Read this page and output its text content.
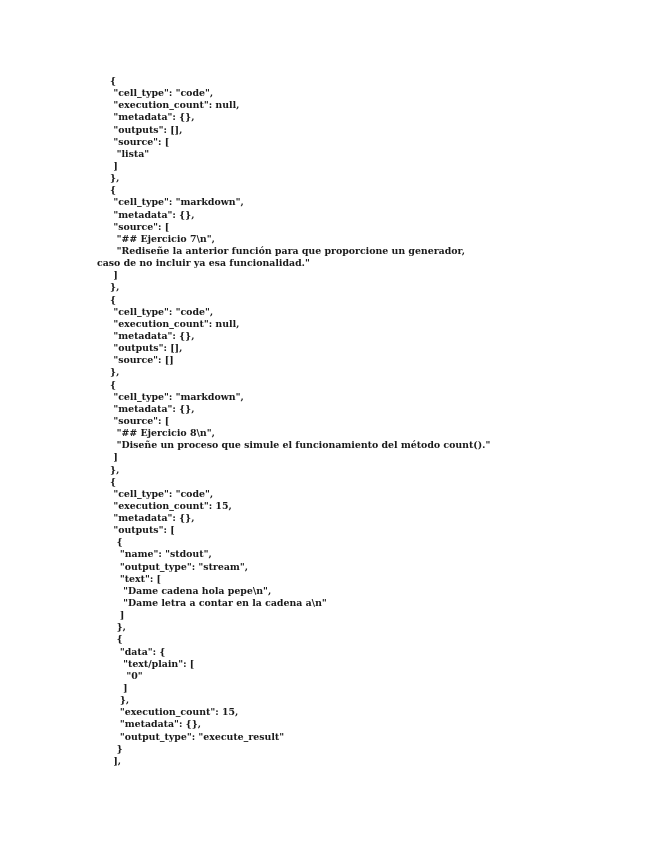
{
"cell_type": "code",
"execution_count": null,
"metadata": {},
"outputs": [],
"source": [
"lista"
]
},
{
"cell_type": "markdown",
"metadata": {},
"source": [
"## Ejercicio 7\n",
"Rediseñe la anterior función para que proporcione un generador,
caso de no incluir ya esa funcionalidad."
]
},
{
"cell_type": "code",
"execution_count": null,
"metadata": {},
"outputs": [],
"source": []
},
{
"cell_type": "markdown",
"metadata": {},
"source": [
"## Ejercicio 8\n",
"Diseñe un proceso que simule el funcionamiento del método count()."
]
},
{
"cell_type": "code",
"execution_count": 15,
"metadata": {},
"outputs": [
{
"name": "stdout",
"output_type": "stream",
"text": [
"Dame cadena hola pepe\n",
"Dame letra a contar en la cadena a\n"
]
},
{
"data": {
"text/plain": [
"0"
]
},
"execution_count": 15,
"metadata": {},
"output_type": "execute_result"
}
],
